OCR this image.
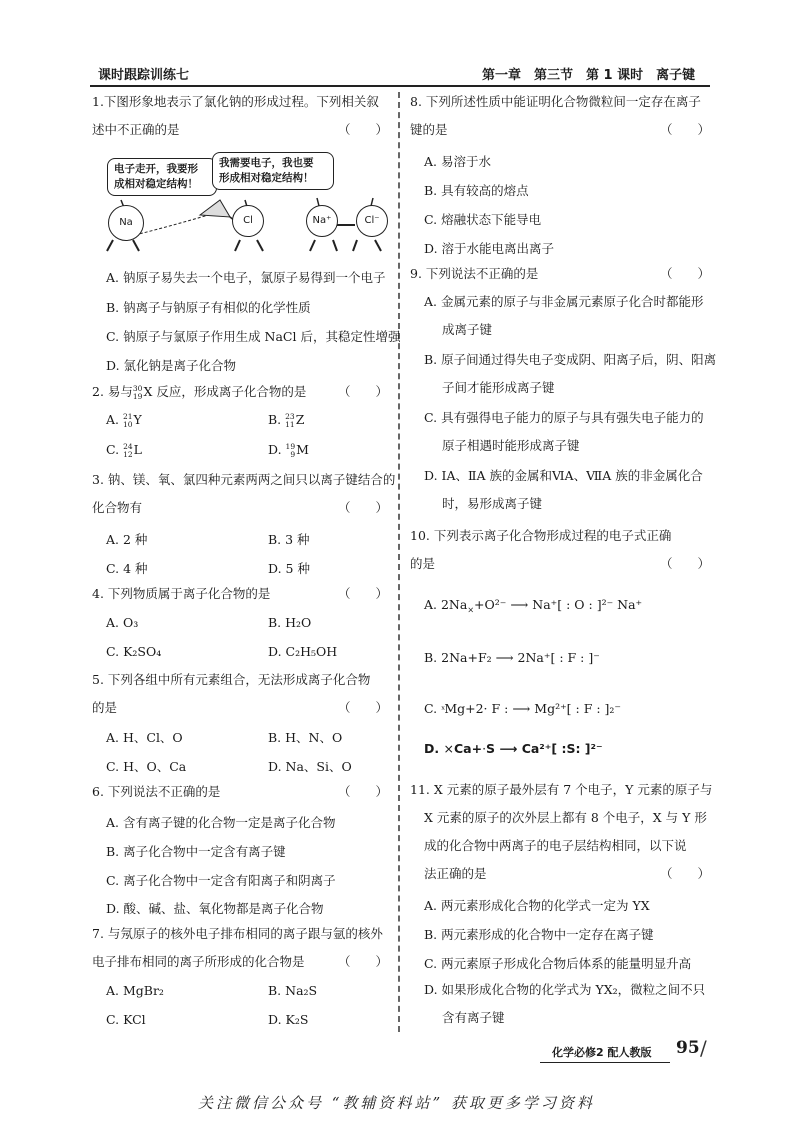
课时跟踪训练七	第一章　第三节　第 1 课时　离子键
1.下图形象地表示了氯化钠的形成过程。下列相关叙
述中不正确的是	（　　）
电子走开，我要形
成相对稳定结构！
我需要电子，我也要
形成相对稳定结构！
Na	Cl	Na⁺	Cl⁻
A. 钠原子易失去一个电子，氯原子易得到一个电子
B. 钠离子与钠原子有相似的化学性质
C. 钠原子与氯原子作用生成 NaCl 后，其稳定性增强
D. 氯化钠是离子化合物
2. 易与30
19X 反应，形成离子化合物的是	（　　）
A. 21
10Y	B. 23
11Z
C. 24
12L	D. 19
9M
3. 钠、镁、氧、氯四种元素两两之间只以离子键结合的
化合物有	（　　）
A. 2 种	B. 3 种
C. 4 种	D. 5 种
4. 下列物质属于离子化合物的是	（　　）
A. O₃	B. H₂O
C. K₂SO₄	D. C₂H₅OH
5. 下列各组中所有元素组合，无法形成离子化合物
的是	（　　）
A. H、Cl、O	B. H、N、O
C. H、O、Ca	D. Na、Si、O
6. 下列说法不正确的是	（　　）
A. 含有离子键的化合物一定是离子化合物
B. 离子化合物中一定含有离子键
C. 离子化合物中一定含有阳离子和阴离子
D. 酸、碱、盐、氧化物都是离子化合物
7. 与氖原子的核外电子排布相同的离子跟与氩的核外
电子排布相同的离子所形成的化合物是	（　　）
A. MgBr₂	B. Na₂S
C. KCl	D. K₂S
8. 下列所述性质中能证明化合物微粒间一定存在离子
键的是	（　　）
A. 易溶于水
B. 具有较高的熔点
C. 熔融状态下能导电
D. 溶于水能电离出离子
9. 下列说法不正确的是	（　　）
A. 金属元素的原子与非金属元素原子化合时都能形
成离子键
B. 原子间通过得失电子变成阴、阳离子后，阴、阳离
子间才能形成离子键
C. 具有强得电子能力的原子与具有强失电子能力的
原子相遇时能形成离子键
D. ⅠA、ⅡA 族的金属和ⅥA、ⅦA 族的非金属化合
时，易形成离子键
10. 下列表示离子化合物形成过程的电子式正确
的是	（　　）
A. $2Na_\times+O^{2-}$ ⟶ Na⁺[ : O : ]²⁻ Na⁺
B. 2Na+F₂ ⟶ 2Na⁺[ : F : ]⁻
C. ˣMg+2· F : ⟶ Mg²⁺[ : F : ]₂⁻
D. ×Ca+·S ⟶ Ca²⁺[ :S: ]²⁻
11. X 元素的原子最外层有 7 个电子，Y 元素的原子与
X 元素的原子的次外层上都有 8 个电子，X 与 Y 形
成的化合物中两离子的电子层结构相同，以下说
法正确的是	（　　）
A. 两元素形成化合物的化学式一定为 YX
B. 两元素形成的化合物中一定存在离子键
C. 两元素原子形成化合物后体系的能量明显升高
D. 如果形成化合物的化学式为 YX₂，微粒之间不只
含有离子键
化学必修2 配人教版 95 /
关注微信公众号 “教辅资料站” 获取更多学习资料
